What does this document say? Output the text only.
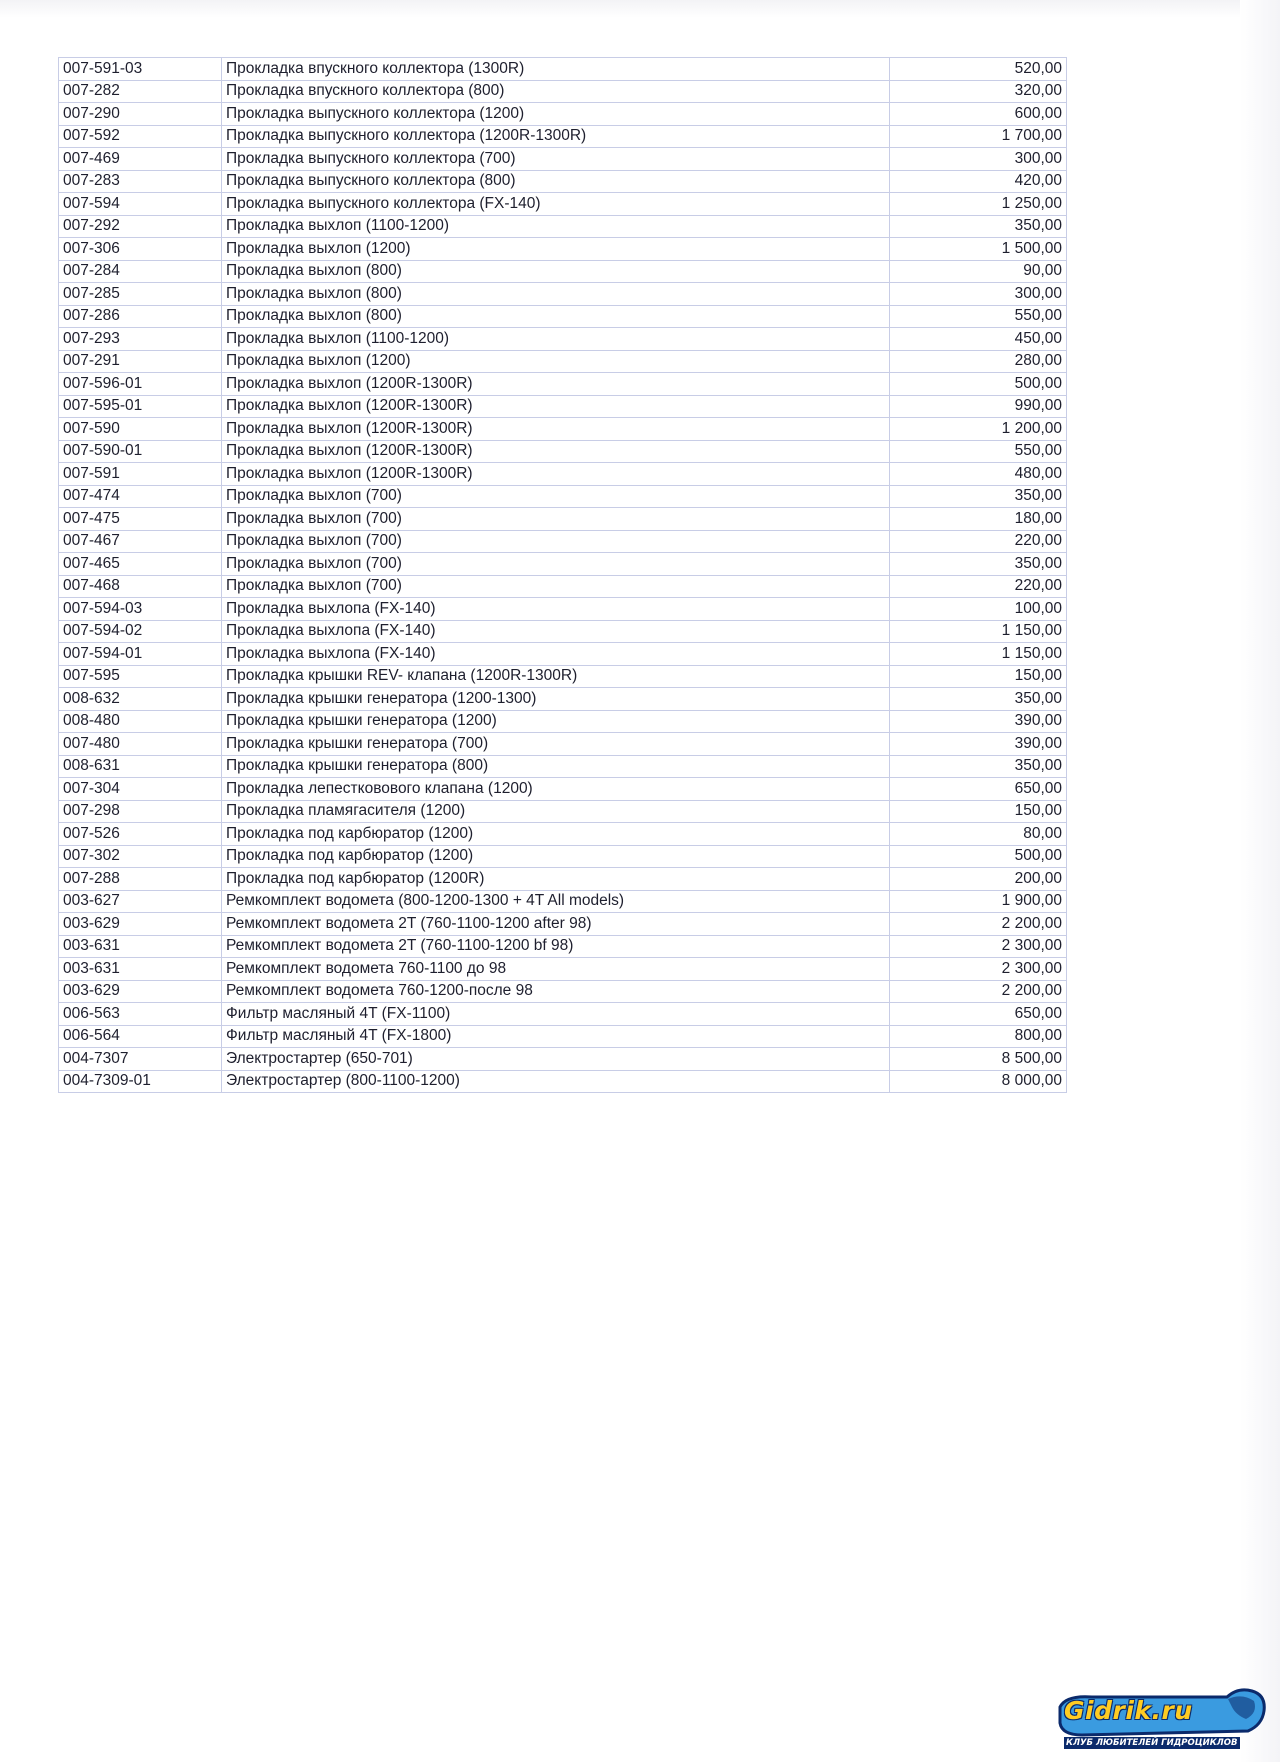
007-591-03	Прокладка впускного коллектора (1300R)	520,00
007-282	Прокладка впускного коллектора (800)	320,00
007-290	Прокладка выпускного коллектора (1200)	600,00
007-592	Прокладка выпускного коллектора (1200R-1300R)	1 700,00
007-469	Прокладка выпускного коллектора (700)	300,00
007-283	Прокладка выпускного коллектора (800)	420,00
007-594	Прокладка выпускного коллектора (FX-140)	1 250,00
007-292	Прокладка выхлоп (1100-1200)	350,00
007-306	Прокладка выхлоп (1200)	1 500,00
007-284	Прокладка выхлоп (800)	90,00
007-285	Прокладка выхлоп (800)	300,00
007-286	Прокладка выхлоп (800)	550,00
007-293	Прокладка выхлоп (1100-1200)	450,00
007-291	Прокладка выхлоп (1200)	280,00
007-596-01	Прокладка выхлоп (1200R-1300R)	500,00
007-595-01	Прокладка выхлоп (1200R-1300R)	990,00
007-590	Прокладка выхлоп (1200R-1300R)	1 200,00
007-590-01	Прокладка выхлоп (1200R-1300R)	550,00
007-591	Прокладка выхлоп (1200R-1300R)	480,00
007-474	Прокладка выхлоп (700)	350,00
007-475	Прокладка выхлоп (700)	180,00
007-467	Прокладка выхлоп (700)	220,00
007-465	Прокладка выхлоп (700)	350,00
007-468	Прокладка выхлоп (700)	220,00
007-594-03	Прокладка выхлопа (FX-140)	100,00
007-594-02	Прокладка выхлопа (FX-140)	1 150,00
007-594-01	Прокладка выхлопа (FX-140)	1 150,00
007-595	Прокладка крышки REV- клапана (1200R-1300R)	150,00
008-632	Прокладка крышки генератора (1200-1300)	350,00
008-480	Прокладка крышки генератора (1200)	390,00
007-480	Прокладка крышки генератора (700)	390,00
008-631	Прокладка крышки генератора (800)	350,00
007-304	Прокладка лепестковового клапана (1200)	650,00
007-298	Прокладка пламягасителя (1200)	150,00
007-526	Прокладка под карбюратор (1200)	80,00
007-302	Прокладка под карбюратор (1200)	500,00
007-288	Прокладка под карбюратор (1200R)	200,00
003-627	Ремкомплект водомета (800-1200-1300 + 4T All models)	1 900,00
003-629	Ремкомплект водомета 2T (760-1100-1200 after 98)	2 200,00
003-631	Ремкомплект водомета 2T (760-1100-1200 bf 98)	2 300,00
003-631	Ремкомплект водомета 760-1100 до 98	2 300,00
003-629	Ремкомплект водомета 760-1200-после 98	2 200,00
006-563	Фильтр масляный 4T (FX-1100)	650,00
006-564	Фильтр масляный 4T (FX-1800)	800,00
004-7307	Электростартер (650-701)	8 500,00
004-7309-01	Электростартер (800-1100-1200)	8 000,00
Gidrik.ru
КЛУБ ЛЮБИТЕЛЕЙ ГИДРОЦИКЛОВ
